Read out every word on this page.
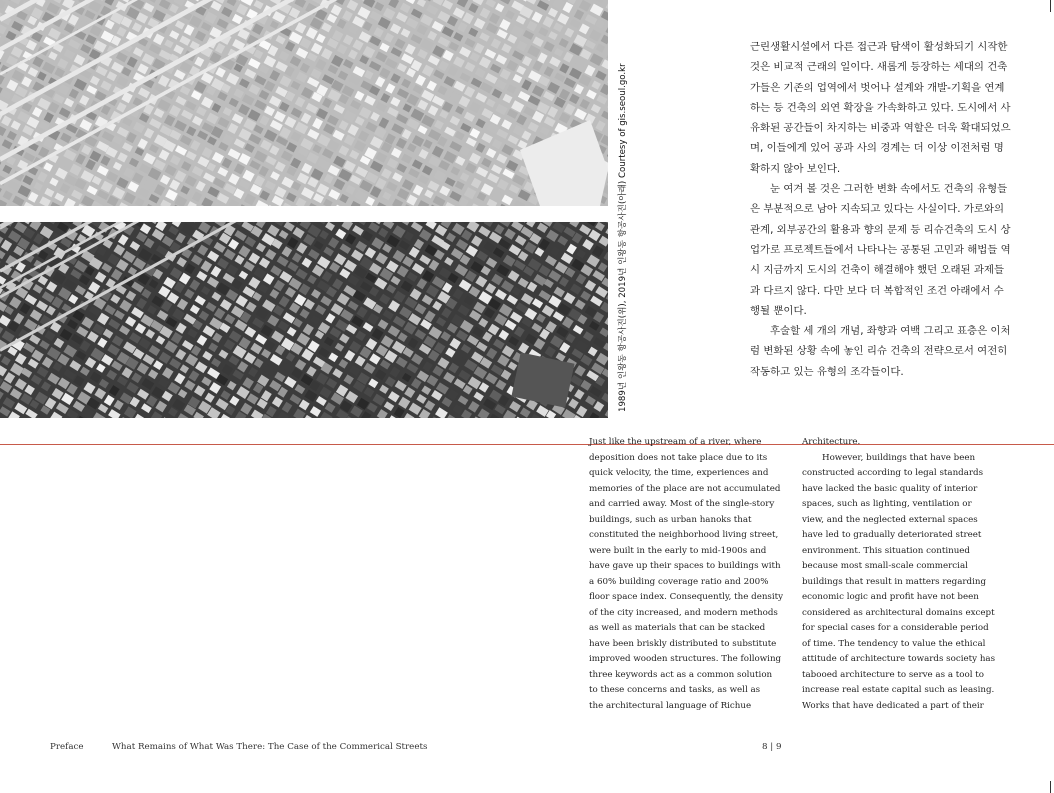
1989년 인왕동 항공사진(위), 2019년 인왕동 항공사진(아래) Courtesy of gis.seoul.go.kr

근린생활시설에서 다른 접근과 탐색이 활성화되기 시작한 것은 비교적 근래의 일이다. 새롭게 등장하는 세대의 건축가들은 기존의 업역에서 벗어나 설계와 개발-기획을 연계하는 등 건축의 외연 확장을 가속화하고 있다. 도시에서 사유화된 공간들이 차지하는 비중과 역할은 더욱 확대되었으며, 이들에게 있어 공과 사의 경계는 더 이상 이전처럼 명확하지 않아 보인다.

눈 여겨 볼 것은 그러한 변화 속에서도 건축의 유형들은 부분적으로 남아 지속되고 있다는 사실이다. 가로와의 관계, 외부공간의 활용과 향의 문제 등 리슈건축의 도시 상업가로 프로젝트들에서 나타나는 공통된 고민과 해법들 역시 지금까지 도시의 건축이 해결해야 했던 오래된 과제들과 다르지 않다. 다만 보다 더 복합적인 조건 아래에서 수행될 뿐이다.

후술할 세 개의 개념, 좌향과 여백 그리고 표층은 이처럼 변화된 상황 속에 놓인 리슈 건축의 전략으로서 여전히 작동하고 있는 유형의 조각들이다.

Just like the upstream of a river, where
deposition does not take place due to its
quick velocity, the time, experiences and
memories of the place are not accumulated
and carried away. Most of the single-story
buildings, such as urban hanoks that
constituted the neighborhood living street,
were built in the early to mid-1900s and
have gave up their spaces to buildings with
a 60% building coverage ratio and 200%
floor space index. Consequently, the density
of the city increased, and modern methods
as well as materials that can be stacked
have been briskly distributed to substitute
improved wooden structures. The following
three keywords act as a common solution
to these concerns and tasks, as well as
the architectural language of Richue
Architecture.
However, buildings that have been
constructed according to legal standards
have lacked the basic quality of interior
spaces, such as lighting, ventilation or
view, and the neglected external spaces
have led to gradually deteriorated street
environment. This situation continued
because most small-scale commercial
buildings that result in matters regarding
economic logic and profit have not been
considered as architectural domains except
for special cases for a considerable period
of time. The tendency to value the ethical
attitude of architecture towards society has
tabooed architecture to serve as a tool to
increase real estate capital such as leasing.
Works that have dedicated a part of their
Preface	What Remains of What Was There: The Case of the Commerical Streets	8 | 9
